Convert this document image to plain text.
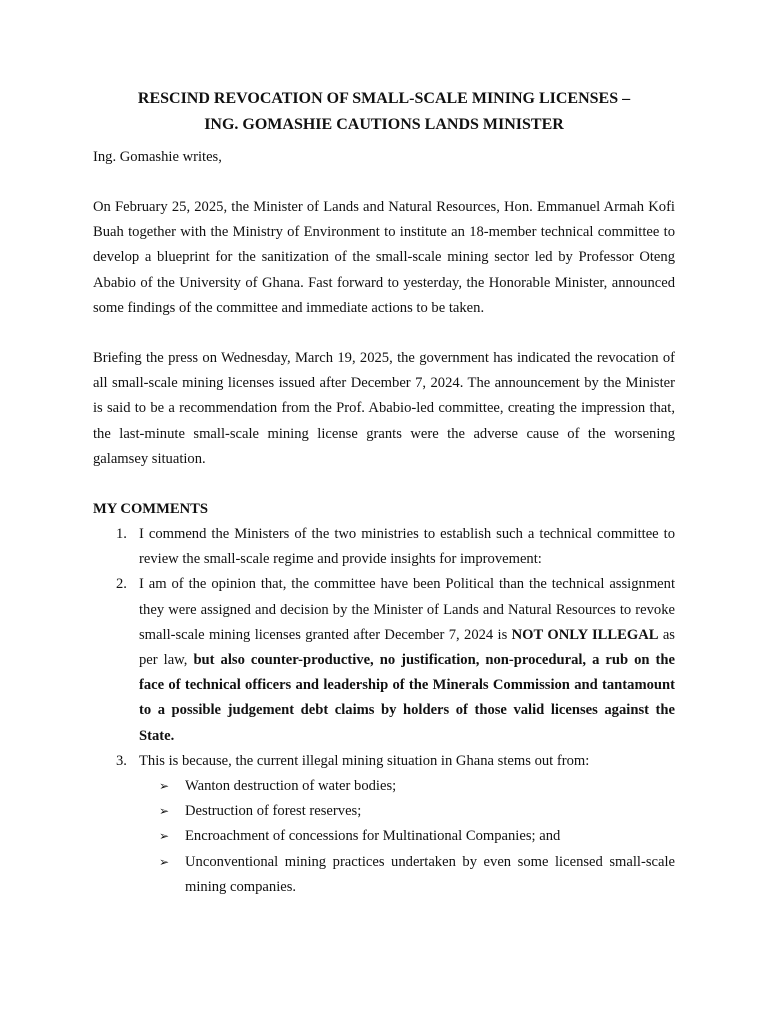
RESCIND REVOCATION OF SMALL-SCALE MINING LICENSES –
ING. GOMASHIE CAUTIONS LANDS MINISTER
Ing. Gomashie writes,

On February 25, 2025, the Minister of Lands and Natural Resources, Hon. Emmanuel Armah Kofi Buah together with the Ministry of Environment to institute an 18-member technical committee to develop a blueprint for the sanitization of the small-scale mining sector led by Professor Oteng Ababio of the University of Ghana. Fast forward to yesterday, the Honorable Minister, announced some findings of the committee and immediate actions to be taken.

Briefing the press on Wednesday, March 19, 2025, the government has indicated the revocation of all small-scale mining licenses issued after December 7, 2024. The announcement by the Minister is said to be a recommendation from the Prof. Ababio-led committee, creating the impression that, the last-minute small-scale mining license grants were the adverse cause of the worsening galamsey situation.

MY COMMENTS
1. I commend the Ministers of the two ministries to establish such a technical committee to review the small-scale regime and provide insights for improvement:
2. I am of the opinion that, the committee have been Political than the technical assignment they were assigned and decision by the Minister of Lands and Natural Resources to revoke small-scale mining licenses granted after December 7, 2024 is NOT ONLY ILLEGAL as per law, but also counter-productive, no justification, non-procedural, a rub on the face of technical officers and leadership of the Minerals Commission and tantamount to a possible judgement debt claims by holders of those valid licenses against the State.
3. This is because, the current illegal mining situation in Ghana stems out from:
➢ Wanton destruction of water bodies;
➢ Destruction of forest reserves;
➢ Encroachment of concessions for Multinational Companies; and
➢ Unconventional mining practices undertaken by even some licensed small-scale mining companies.
